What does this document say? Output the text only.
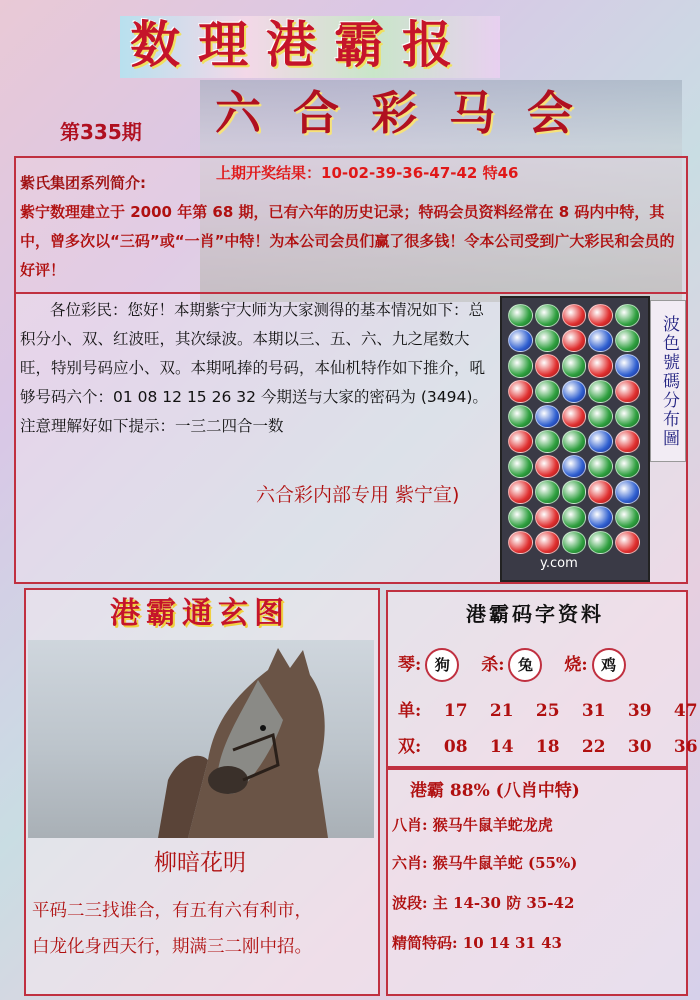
数理港霸报
六合彩马会
第335期
紫氏集团系列简介:
上期开奖结果：10-02-39-36-47-42 特46
紫宁数理建立于 2000 年第 68 期，已有六年的历史记录；特码会员资料经常在 8 码内中特，其中，曾多次以“三码”或“一肖”中特！为本公司会员们赢了很多钱！令本公司受到广大彩民和会员的好评！
各位彩民：您好！本期紫宁大师为大家测得的基本情况如下：总积分小、双、红波旺，其次绿波。本期以三、五、六、九之尾数大旺，特别号码应小、双。本期吼捧的号码，本仙机特作如下推介，吼够号码六个：01 08 12 15 26 32 今期送与大家的密码为 (3494)。注意理解好如下提示：一三二四合一数
六合彩内部专用 紫宁宣)
y.com
波色號碼分布圖
港霸通玄图
柳暗花明
平码二三找谁合，有五有六有利市，
白龙化身西天行，期满三二刚中招。
港霸码字资料
琴: 狗 杀: 兔 烧: 鸡
单: 17 21 25 31 39 47
双: 08 14 18 22 30 36
港霸 88% (八肖中特)
八肖: 猴马牛鼠羊蛇龙虎
六肖: 猴马牛鼠羊蛇 (55%)
波段: 主 14-30 防 35-42
精简特码: 10 14 31 43
